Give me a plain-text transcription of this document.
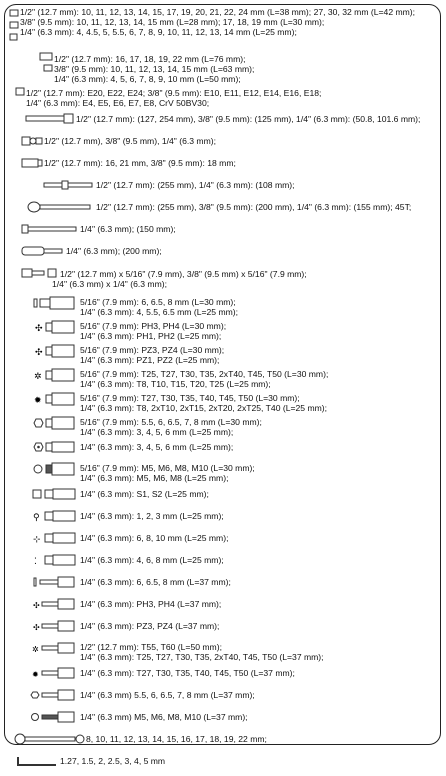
1/2" (12.7 mm): 10, 11, 12, 13, 14, 15, 17, 19, 20, 21, 22, 24 mm (L=38 mm); 27, 30, 32 mm (L=42 mm);
3/8" (9.5 mm): 10, 11, 12, 13, 14, 15 mm (L=28 mm); 17, 18, 19 mm (L=30 mm);
1/4" (6.3 mm): 4, 4.5, 5, 5.5, 6, 7, 8, 9, 10, 11, 12, 13, 14 mm (L=25 mm);
1/2" (12.7 mm): 16, 17, 18, 19, 22 mm (L=76 mm);
3/8" (9.5 mm): 10, 11, 12, 13, 14, 15 mm (L=63 mm);
1/4" (6.3 mm): 4, 5, 6, 7, 8, 9, 10 mm (L=50 mm);
1/2" (12.7 mm): E20, E22, E24; 3/8" (9.5 mm): E10, E11, E12, E14, E16, E18;
1/4" (6.3 mm): E4, E5, E6, E7, E8, CrV 50BV30;
1/2" (12.7 mm): (127, 254 mm), 3/8" (9.5 mm): (125 mm), 1/4" (6.3 mm): (50.8, 101.6 mm);
1/2" (12.7 mm), 3/8" (9.5 mm), 1/4" (6.3 mm);
1/2" (12.7 mm): 16, 21 mm, 3/8" (9.5 mm): 18 mm;
1/2" (12.7 mm): (255 mm), 1/4" (6.3 mm): (108 mm);
1/2" (12.7 mm): (255 mm), 3/8" (9.5 mm): (200 mm), 1/4" (6.3 mm): (155 mm); 45T;
1/4" (6.3 mm); (150 mm);
1/4" (6.3 mm); (200 mm);
1/2" (12.7 mm) x 5/16" (7.9 mm), 3/8" (9.5 mm) x 5/16" (7.9 mm);
1/4" (6.3 mm) x 1/4" (6.3 mm);
5/16" (7.9 mm): 6, 6.5, 8 mm (L=30 mm);
1/4" (6.3 mm): 4, 5.5, 6.5 mm (L=25 mm);
✣	5/16" (7.9 mm): PH3, PH4 (L=30 mm);
1/4" (6.3 mm): PH1, PH2 (L=25 mm);
✣	5/16" (7.9 mm): PZ3, PZ4 (L=30 mm);
1/4" (6.3 mm): PZ1, PZ2 (L=25 mm);
✲	5/16" (7.9 mm): T25, T27, T30, T35, 2xT40, T45, T50 (L=30 mm);
1/4" (6.3 mm): T8, T10, T15, T20, T25 (L=25 mm);
✹	5/16" (7.9 mm): T27, T30, T35, T40, T45, T50 (L=30 mm);
1/4" (6.3 mm): T8, 2xT10, 2xT15, 2xT20, 2xT25, T40 (L=25 mm);
5/16" (7.9 mm): 5.5, 6, 6.5, 7, 8 mm (L=30 mm);
1/4" (6.3 mm): 3, 4, 5, 6 mm (L=25 mm);
1/4" (6.3 mm): 3, 4, 5, 6 mm (L=25 mm);
5/16" (7.9 mm): M5, M6, M8, M10 (L=30 mm);
1/4" (6.3 mm): M5, M6, M8 (L=25 mm);
1/4" (6.3 mm): S1, S2 (L=25 mm);
⚲	1/4" (6.3 mm): 1, 2, 3 mm (L=25 mm);
⊹	1/4" (6.3 mm): 6, 8, 10 mm (L=25 mm);
⁚	1/4" (6.3 mm): 4, 6, 8 mm (L=25 mm);
1/4" (6.3 mm): 6, 6.5, 8 mm (L=37 mm);
✣	1/4" (6.3 mm): PH3, PH4 (L=37 mm);
✣	1/4" (6.3 mm): PZ3, PZ4 (L=37 mm);
✲	1/2" (12.7 mm): T55, T60 (L=50 mm);
1/4" (6.3 mm): T25, T27, T30, T35, 2xT40, T45, T50 (L=37 mm);
✹	1/4" (6.3 mm): T27, T30, T35, T40, T45, T50 (L=37 mm);
1/4" (6.3 mm) 5.5, 6, 6.5, 7, 8 mm (L=37 mm);
1/4" (6.3 mm) M5, M6, M8, M10 (L=37 mm);
8, 10, 11, 12, 13, 14, 15, 16, 17, 18, 19, 22 mm;
1.27, 1.5, 2, 2.5, 3, 4, 5 mm
